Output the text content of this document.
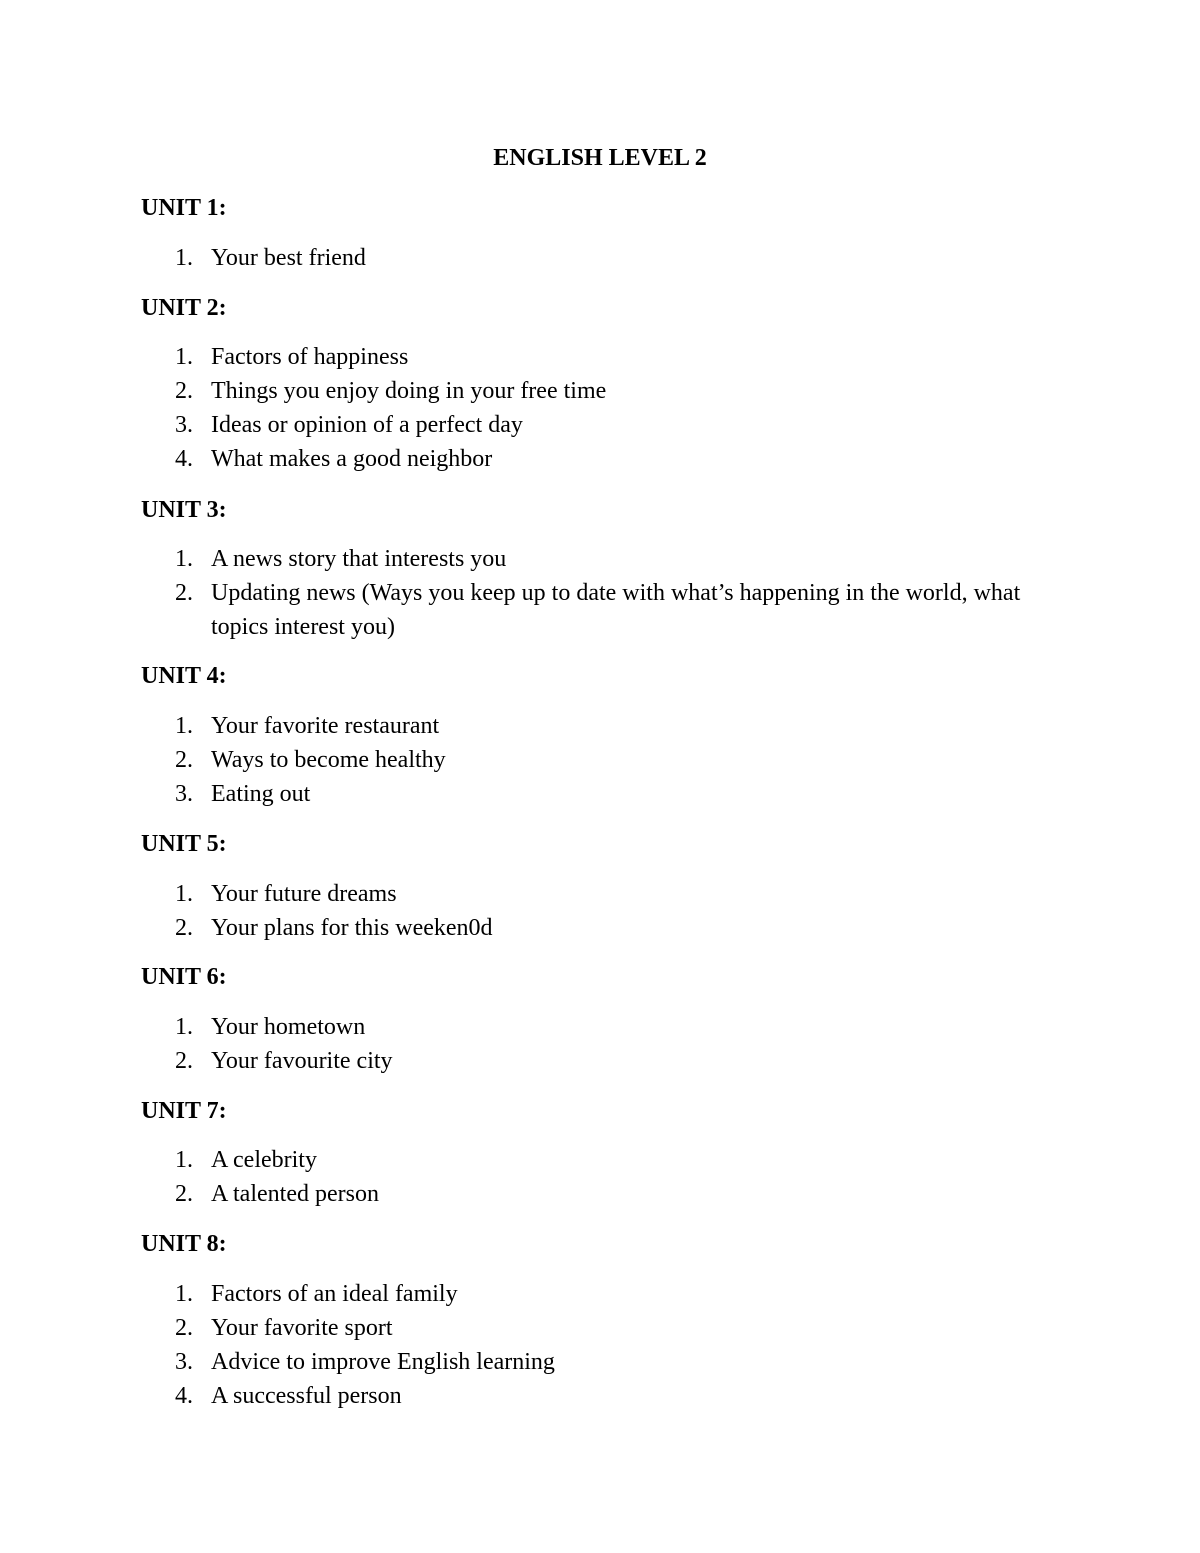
ENGLISH LEVEL 2
UNIT 1:
1. Your best friend
UNIT 2:
1. Factors of happiness
2. Things you enjoy doing in your free time
3. Ideas or opinion of a perfect day
4. What makes a good neighbor
UNIT 3:
1. A news story that interests you
2. Updating news (Ways you keep up to date with what’s happening in the world, what topics interest you)
UNIT 4:
1. Your favorite restaurant
2. Ways to become healthy
3. Eating out
UNIT 5:
1. Your future dreams
2. Your plans for this weeken0d
UNIT 6:
1. Your hometown
2. Your favourite city
UNIT 7:
1. A celebrity
2. A talented person
UNIT 8:
1. Factors of an ideal family
2. Your favorite sport
3. Advice to improve English learning
4. A successful person
